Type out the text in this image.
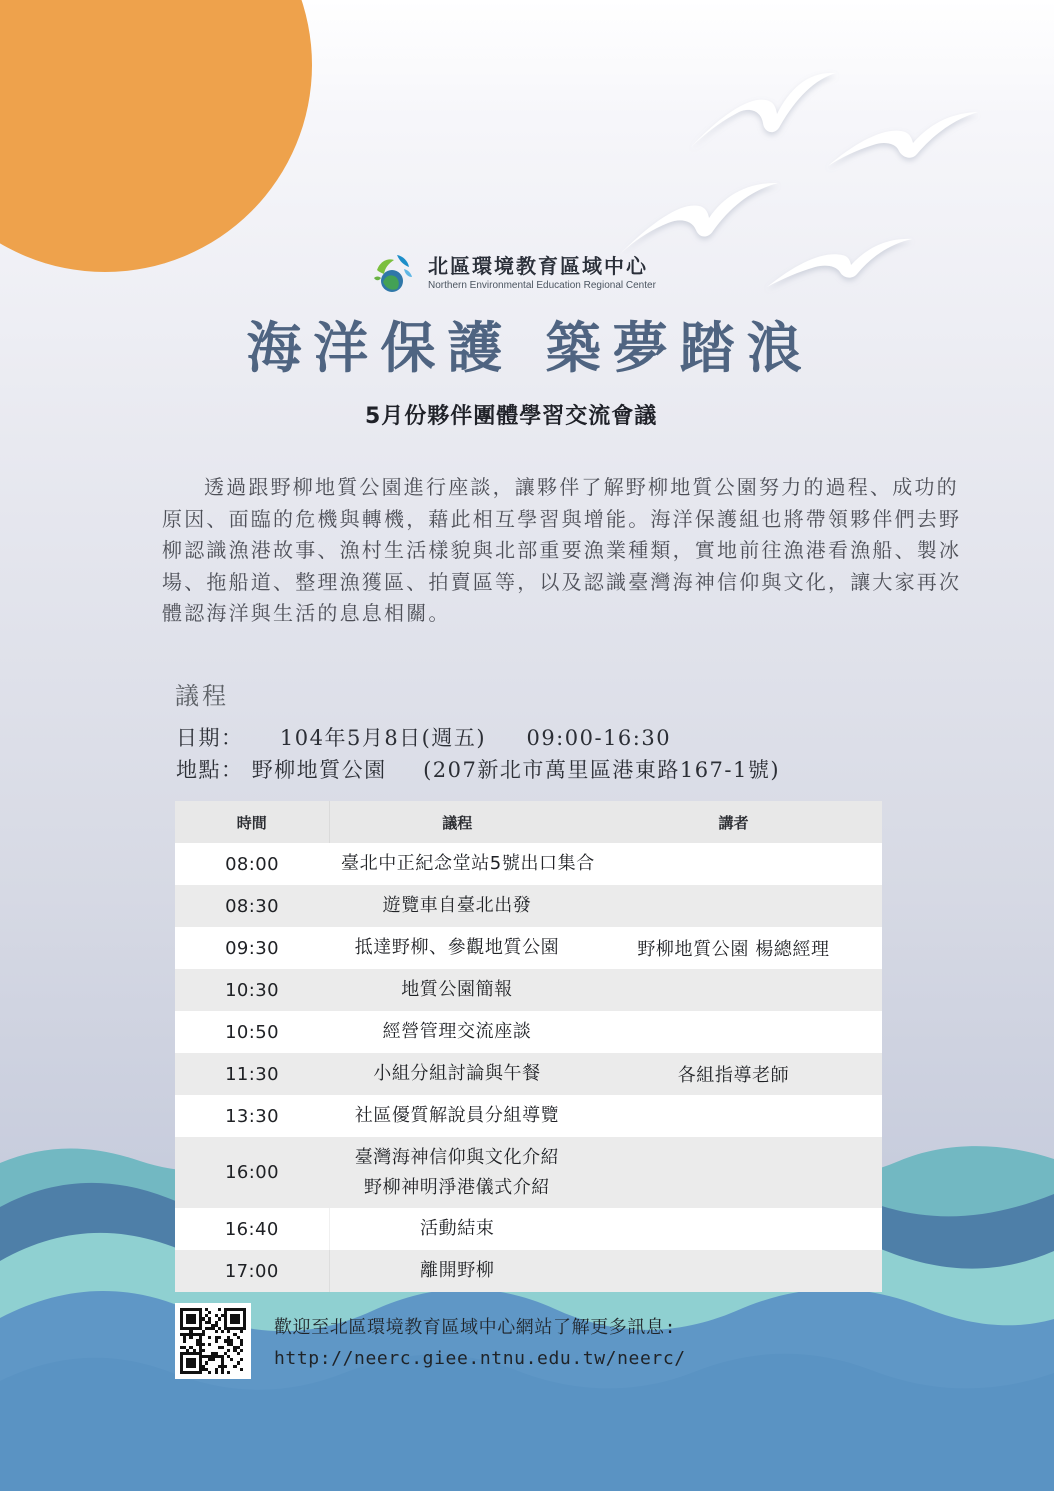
北區環境教育區域中心
Northern Environmental Education Regional Center
海洋保護 築夢踏浪
5月份夥伴團體學習交流會議
透過跟野柳地質公園進行座談，讓夥伴了解野柳地質公園努力的過程、成功的原因、面臨的危機與轉機，藉此相互學習與增能。海洋保護組也將帶領夥伴們去野柳認識漁港故事、漁村生活樣貌與北部重要漁業種類，實地前往漁港看漁船、製冰場、拖船道、整理漁獲區、拍賣區等，以及認識臺灣海神信仰與文化，讓大家再次體認海洋與生活的息息相關。
議程
日期： 104年5月8日(週五) 09:00-16:30
地點： 野柳地質公園 (207新北市萬里區港東路167-1號)
時間	議程	講者
08:00	臺北中正紀念堂站5號出口集合	
08:30	遊覽車自臺北出發	
09:30	抵達野柳、參觀地質公園	野柳地質公園 楊總經理
10:30	地質公園簡報	
10:50	經營管理交流座談	
11:30	小組分組討論與午餐	各組指導老師
13:30	社區優質解說員分組導覽	
16:00	臺灣海神信仰與文化介紹
野柳神明淨港儀式介紹	
16:40	活動結束	
17:00	離開野柳	
歡迎至北區環境教育區域中心網站了解更多訊息:
http://neerc.giee.ntnu.edu.tw/neerc/
